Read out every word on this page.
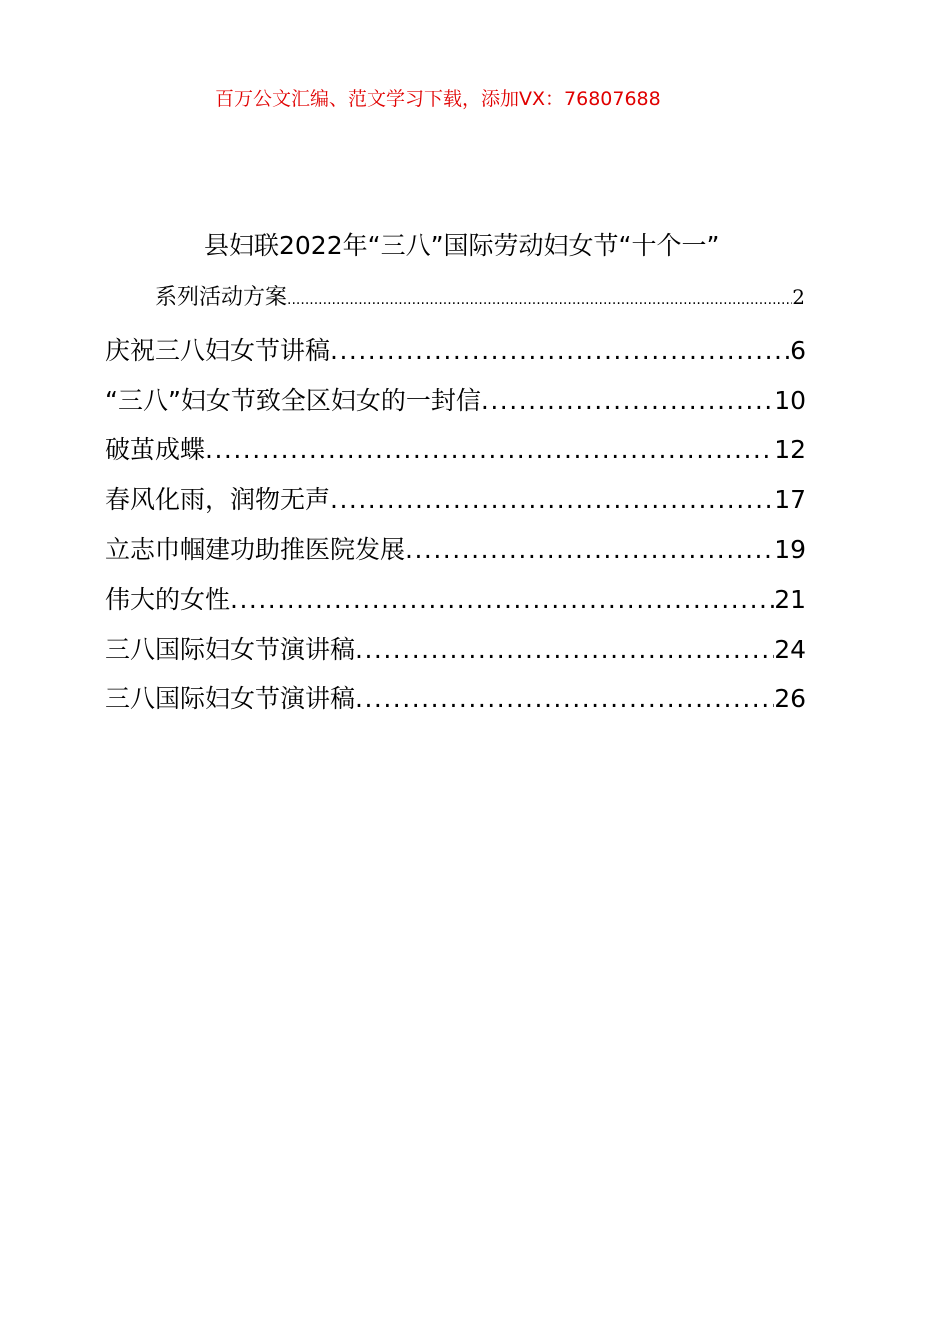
百万公文汇编、范文学习下载，添加VX：76807688
县妇联2022年“三八”国际劳动妇女节“十个一”
系列活动方案 .....	2
庆祝三八妇女节讲稿 .....	6
“三八”妇女节致全区妇女的一封信 .....	10
破茧成蝶 .....	12
春风化雨，润物无声 .....	17
立志巾帼建功助推医院发展 .....	19
伟大的女性 .....	21
三八国际妇女节演讲稿 .....	24
三八国际妇女节演讲稿 .....	26
